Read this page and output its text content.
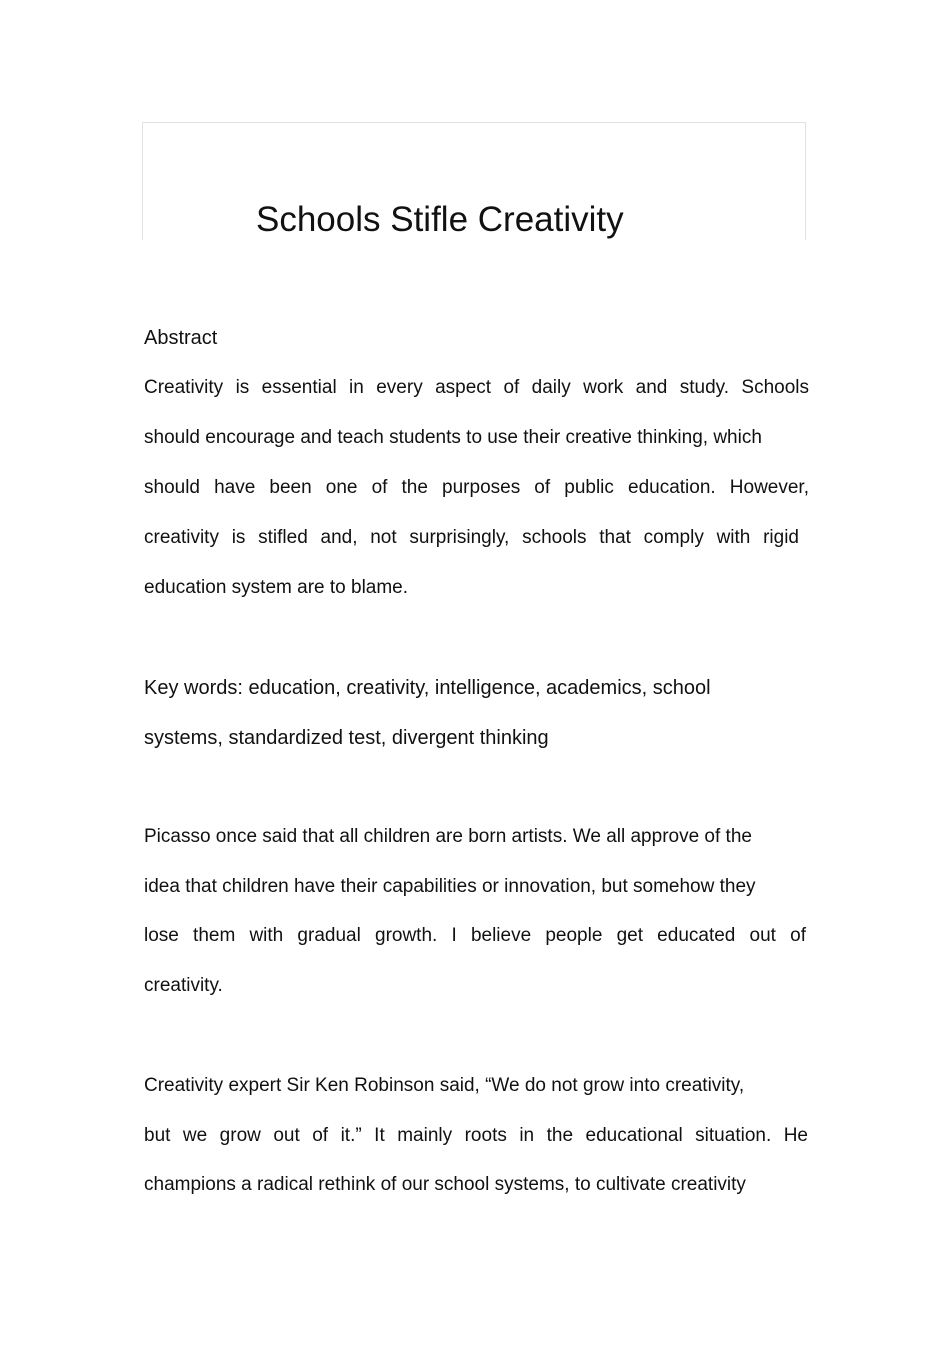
Schools Stifle Creativity

Abstract

Creativity is essential in every aspect of daily work and study. Schools

should encourage and teach students to use their creative thinking, which

should have been one of the purposes of public education. However,

creativity is stifled and, not surprisingly, schools that comply with rigid

education system are to blame.

Key words: education, creativity, intelligence, academics, school

systems, standardized test, divergent thinking

Picasso once said that all children are born artists. We all approve of the

idea that children have their capabilities or innovation, but somehow they

lose them with gradual growth. I believe people get educated out of

creativity.

Creativity expert Sir Ken Robinson said, “We do not grow into creativity,

but we grow out of it.” It mainly roots in the educational situation. He

champions a radical rethink of our school systems, to cultivate creativity
